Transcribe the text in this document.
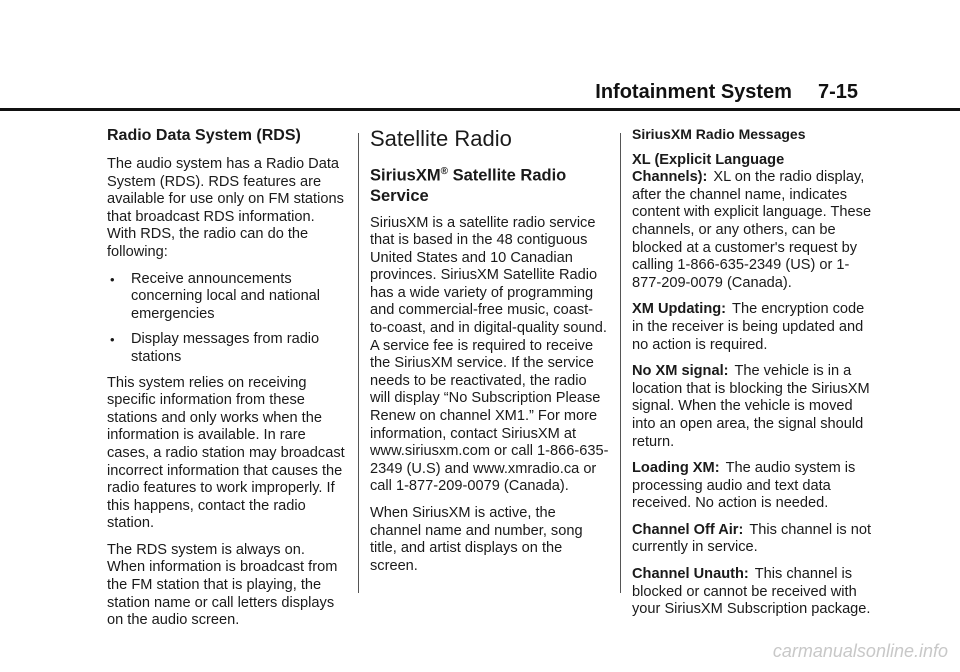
Infotainment System 7-15
Radio Data System (RDS)

The audio system has a Radio Data System (RDS). RDS features are available for use only on FM stations that broadcast RDS information. With RDS, the radio can do the following:

• Receive announcements concerning local and national emergencies
• Display messages from radio stations

This system relies on receiving specific information from these stations and only works when the information is available. In rare cases, a radio station may broadcast incorrect information that causes the radio features to work improperly. If this happens, contact the radio station.

The RDS system is always on. When information is broadcast from the FM station that is playing, the station name or call letters displays on the audio screen.

Satellite Radio
SiriusXM® Satellite Radio Service

SiriusXM is a satellite radio service that is based in the 48 contiguous United States and 10 Canadian provinces. SiriusXM Satellite Radio has a wide variety of programming and commercial-free music, coast-to-coast, and in digital-quality sound. A service fee is required to receive the SiriusXM service. If the service needs to be reactivated, the radio will display “No Subscription Please Renew on channel XM1.” For more information, contact SiriusXM at www.siriusxm.com or call 1-866-635-2349 (U.S) and www.xmradio.ca or call 1-877-209-0079 (Canada).

When SiriusXM is active, the channel name and number, song title, and artist displays on the screen.

SiriusXM Radio Messages

XL (Explicit Language Channels): XL on the radio display, after the channel name, indicates content with explicit language. These channels, or any others, can be blocked at a customer's request by calling 1-866-635-2349 (US) or 1-877-209-0079 (Canada).

XM Updating: The encryption code in the receiver is being updated and no action is required.

No XM signal: The vehicle is in a location that is blocking the SiriusXM signal. When the vehicle is moved into an open area, the signal should return.

Loading XM: The audio system is processing audio and text data received. No action is needed.

Channel Off Air: This channel is not currently in service.

Channel Unauth: This channel is blocked or cannot be received with your SiriusXM Subscription package.

carmanualsonline.info
